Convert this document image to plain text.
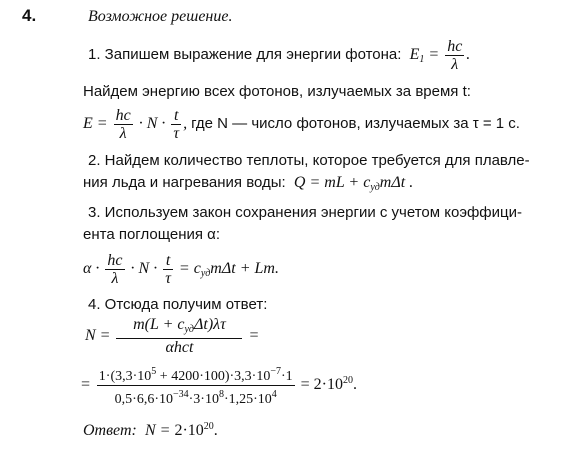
4.	Возможное решение.
1. Запишем выражение для энергии фотона:  $E_1 = \frac{hc}{\lambda}$ .
Найдем энергию всех фотонов, излучаемых за время t:
$E = \frac{hc}{\lambda} \cdot N \cdot \frac{t}{\tau}$ , где N — число фотонов, излучаемых за τ = 1 с.
2. Найдем количество теплоты, которое требуется для плавле-
ния льда и нагревания воды:  Q = mL + $c_{уд}m\Delta t$ .
3. Используем закон сохранения энергии с учетом коэффици-
ента поглощения α:
$\alpha \cdot \frac{hc}{\lambda} \cdot N \cdot \frac{t}{\tau} = c_{уд}m\Delta t + Lm$.
4. Отсюда получим ответ:
$N = \frac{m(L + c_{уд}\Delta t)\lambda\tau}{\text{αhct}}$ =
= $\frac{1\cdot(3,3\cdot 10^5 + 4200\cdot 100)\cdot 3,3\cdot 10^{-7}\cdot 1}{0,5\cdot 6,6\cdot 10^{-34}\cdot 3\cdot 10^8\cdot 1,25\cdot 10^4} = 2\cdot 10^{20}$.
Ответ:  $N = 2\cdot 10^{20}$.
